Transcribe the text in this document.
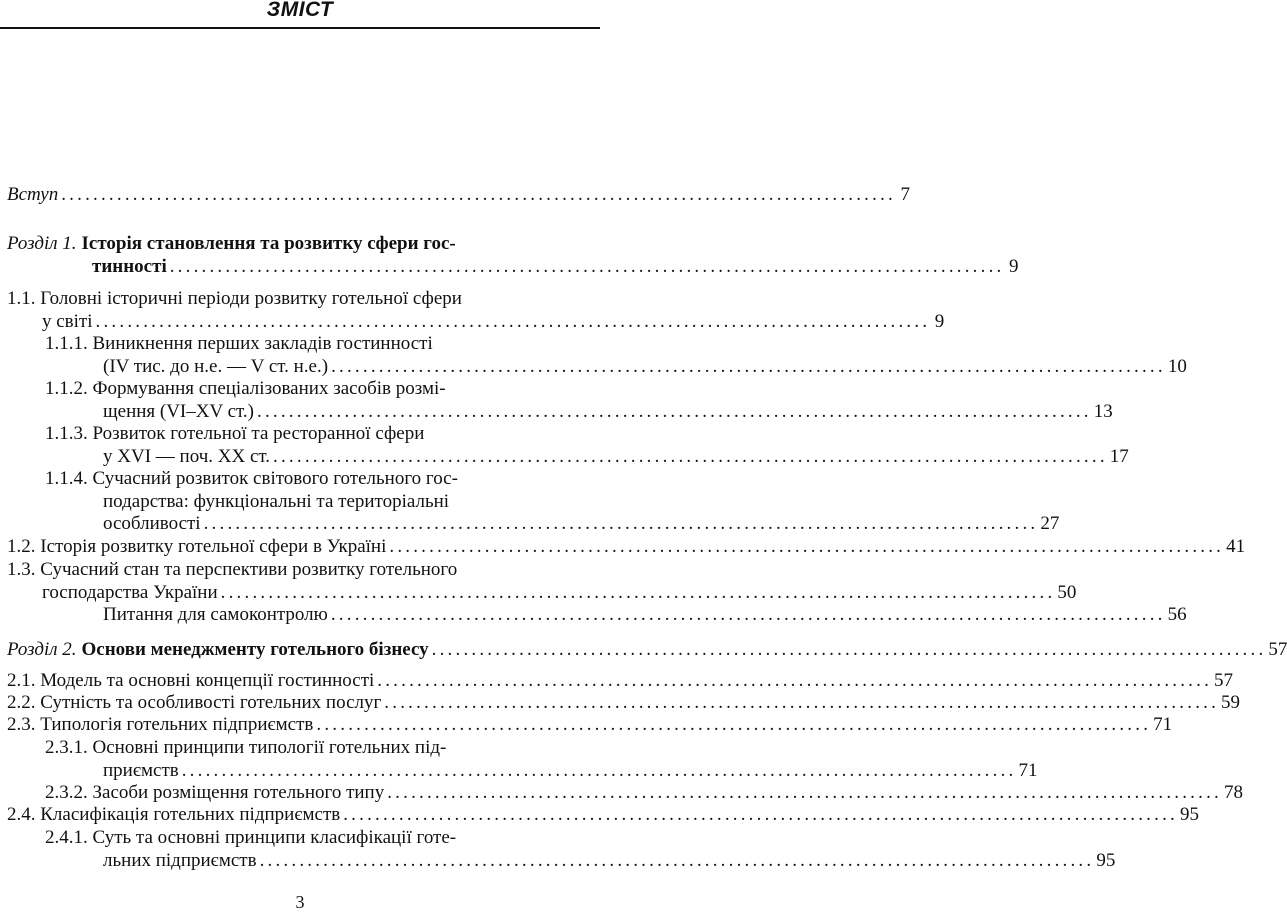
ЗМІСТ
Вступ ......................................................................................................... 7
Розділ 1. Історія становлення та розвитку сфери гос-
тинності ......................................................................................................... 9
1.1. Головні історичні періоди розвитку готельної сфери
у світі ......................................................................................................... 9
1.1.1. Виникнення перших закладів гостинності
(IV тис. до н.е. — V ст. н.е.) ......................................................................................................... 10
1.1.2. Формування спеціалізованих засобів розмі-
щення (VI–XV ст.) ......................................................................................................... 13
1.1.3. Розвиток готельної та ресторанної сфери
у XVI — поч. XX ст. ......................................................................................................... 17
1.1.4. Сучасний розвиток світового готельного гос-
подарства: функціональні та територіальні
особливості ......................................................................................................... 27
1.2. Історія розвитку готельної сфери в Україні ......................................................................................................... 41
1.3. Сучасний стан та перспективи розвитку готельного
господарства України ......................................................................................................... 50
Питання для самоконтролю ......................................................................................................... 56
Розділ 2. Основи менеджменту готельного бізнесу ......................................................................................................... 57
2.1. Модель та основні концепції гостинності ......................................................................................................... 57
2.2. Сутність та особливості готельних послуг ......................................................................................................... 59
2.3. Типологія готельних підприємств ......................................................................................................... 71
2.3.1. Основні принципи типології готельних під-
приємств ......................................................................................................... 71
2.3.2. Засоби розміщення готельного типу ......................................................................................................... 78
2.4. Класифікація готельних підприємств ......................................................................................................... 95
2.4.1. Суть та основні принципи класифікації готе-
льних підприємств ......................................................................................................... 95
3
